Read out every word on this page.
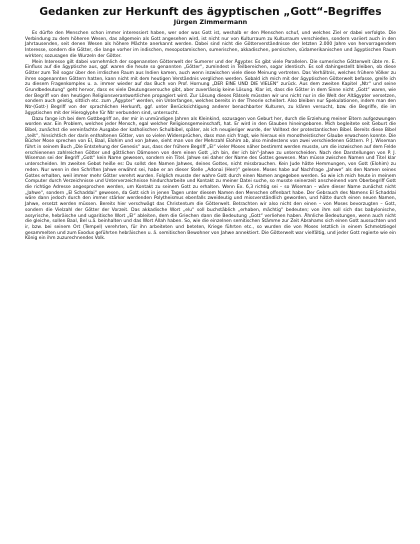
Gedanken zur Herkunft des ägyptischen „Gott“-Begriffes
Jürgen Zimmermann

Es dürfte den Menschen schon immer interessiert haben, wer oder was Gott ist, weshalb er den Menschen schuf, und welches Ziel er dabei verfolgte. Die Verbindung zu dem höheren Wesen, das allgemein als Gott angesehen wird, ist nicht nur von Kulturraum zu Kulturraum verschieden, sondern variiert auch in den Jahrtausenden, seit denen Wesen als höhere Mächte anerkannt werden. Dabei sind nicht die Götterverständnisse der letzten 2.000 Jahre von hervorragendem Interesse, sondern die Götter, die lange vorher im indischen, mesopotamischen, sumerischen, akkadischen, persischen, südamerikanischen und ägyptischen Raum wirkten; sozusagen die Wurzeln der Götter.

Mein Interesse gilt dabei vornehmlich der sogenannten Götterwelt der Sumerer und der Ägypter. Es gibt viele Parallelen. Die sumerische Götterwelt übte m. E. Einfluss auf die ägyptische aus, ggf. waren die heute so genannten „Götter“, zumindest in Teilbereichen, sogar identisch. Es soll dahingestellt bleiben, ob diese Götter zum Teil sogar über den irrdischen Raum aus Indien kamen, auch wenn inzwischen viele diese Meinung vertreten. Das Verhältnis, welches frühere Völker zu ihren sogenannten Göttern hatten, kann nicht mit dem heutigen Verständnis verglichen werden. Sobald ich mich mit der ägyptischen Götterwelt befasse, greife ich zu diesem Fragenkomplex u. a. immer wieder auf das Buch von Prof. Hornung „DER EINE UND DIE VIELEN“ zurück. Aus dem zweiten Kapitel „Ntr“ und seine Grundbedeutung“ geht hervor, dass es viele Deutungsversuche gibt, aber zuverlässig keine Lösung. Klar ist, dass die Götter in dem Sinne nicht „Gott“ waren, wie der Begriff von den heutigen Religionsverantwortlichen propagiert wird. Zur Lösung dieses Rätsels müssten wir uns nicht nur in die Welt der Altägypter versetzen, sondern auch geistig, sittlich etc. zum „Ägypter“ werden, ein Unterfangen, welches bereits in der Theorie scheitert. Also bleiben nur Spekulationen, indem man den Ntr-(Gott-) Begriff von der sprachlichen Herkunft, ggf. unter Berücksichtigung anderer benachbarter Kulturen, zu klären versucht, bzw. die Begriffe, die im ägyptischen mit der Hieroglyphe für Ntr verbunden sind, untersucht.

Dazu fange ich bei dem Gottbegriff an, der mir in unmündigen Jahren als Kleinkind, sozusagen von Geburt her, durch die Erziehung meiner Eltern aufgezwungen worden war. Ein Problem, welches jeder Mensch, egal welcher Religionsgemeinschaft, hat. Er wird in den Glauben hineingeboren. Mich begleitete seit Geburt die Bibel, zunächst die vereinfachte Ausgabe der katholischen Schulbibel, später, als ich neugieriger wurde, der Volltext der protestantischen Bibel. Bereits diese Bibel „teilt“, hinsichtlich der darin enthaltenen Götter, von so vielen Widersprüchen, dass man sich fragt, wie hieraus ein monotheistischer Glaube erwachsen konnte. Die Bücher Mose sprechen von El, Baal, Elohim und von Jahwe, sieht man von der Mehrzahl Elohim ab, also mindestens von zwei verschiedenen Göttern. P. J. Wiseman führt in seinem Buch „Die Entstehung der Genesis“ aus, dass der frühere Begriff „El“ vieler Moses näher bestimmt werden musste, um die inzwischen auf dem Felde erschienenen zahlreichen Götter und göttlichen Dämonen von dem einen Gott „ich bin, der ich bin“-Jahwe zu unterscheiden. Nach den Darstellungen von P. J. Wiseman sei der Begriff „Gott“ kein Name gewesen, sondern ein Titel. Jahwe sei daher der Name des Gottes gewesen. Man müsse zwischen Namen und Titel klar unterscheiden. Im zweiten Gebot heiße es: Du sollst den Namen Jahwes, deines Gottes, nicht missbrauchen. Kein Jude hätte Hemmungen, von Gott (Elohim) zu reden. Nur wenn in den Schriften Jahwe erwähnt sei, habe er an dieser Stelle „Adonai (Herr)“ gelesen. Moses habe auf Nachfrage „Jahwe“ als den Namen seines Gottes erhalten, weil immer mehr Götter verehrt wurden. Folglich musste der wahre Gott durch einen Namen angegeben werden. So wie ich mich heute in meinem Computer durch Verzeichnisse und Unterverzeichnisse hindurcharbeite und Kontakt zu meiner Datei suche, so musste seinerzeit anscheinend vom Oberbegriff Gott die richtige Adresse angesprochen werden, um Kontakt zu seinem Gott zu erhalten. Wenn Ex. 6,3 richtig sei – so Wiseman – wäre dieser Name zunächst nicht „Jahwe“, sondern „El Schaddai“ gewesen, da Gott sich in jenen Tagen unter diesem Namen den Menschen offenbart habe. Der Gebrauch des Namens El Schaddai wäre dann jedoch durch den immer stärker werdenden Polytheismus ebenfalls zweideutig und missverständlich geworden, und hätte durch einen neuen Namen, Jahwe, ersetzt werden müssen. Bereits hier verschwägt das Christentum die Götterwelt. Betrachten wir also nicht den einen – von Moses bevorzugten – Gott, sondern die Vielzahl der Götter der Vorzeit. Das akkadische Wort „elu“ soll buchstäblich „erhaben, mächtig“ bedeuten; von ihm soll sich das babylonische, assyrische, hebräische und ugaritische Wort „El“ ableiten, dem die Griechen dann die Bedeutung „Gott“ verliehen haben. Ähnliche Bedeutungen, wenn auch nicht die gleiche, sollen Baal, Bel u.ä. beinhalten und das Wort Allah haben. So, wie die einzelnen semitischen Stämme zur Zeit Abrahams sich einen Gott aussuchten und ir, bzw. bei seinem Ort (Tempel) verehrten, für ihn arbeiteten und beteten, Kriege führten etc., so wurden die von Moses letztlich in einem Schmelztiegel gesammelten und zum Exodus geführten hebräischen u. ä. semitischen Bewohner von Jahwe annektiert. Die Götterwelt war vielfältig, und jeder Gott regierte wie ein König ein ihm zuzurechnendes Volk.
